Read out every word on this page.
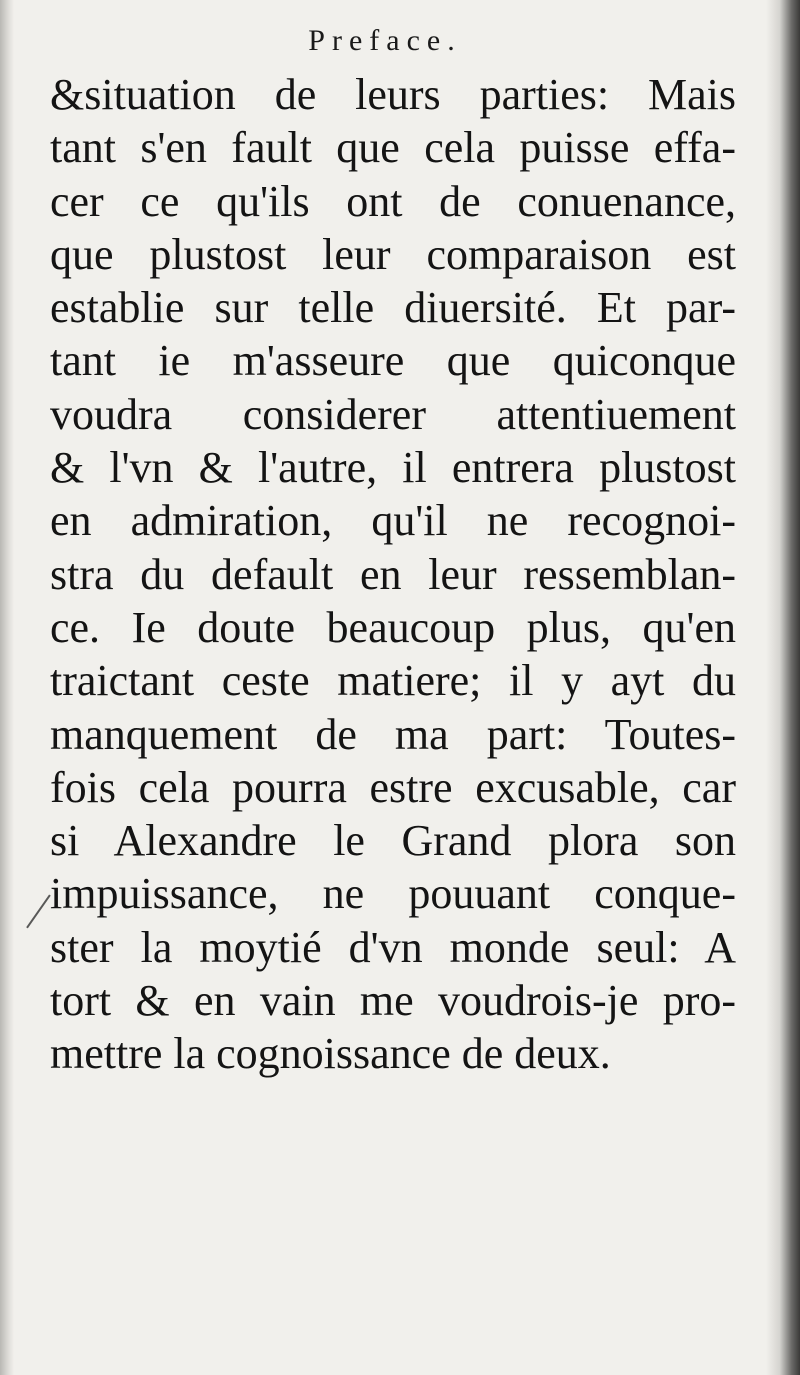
Preface.
&situation de leurs parties: Mais
tant s'en fault que cela puisse effa-
cer ce qu'ils ont de conuenance,
que plustost leur comparaison est
establie sur telle diuersité. Et par-
tant ie m'asseure que quiconque
voudra considerer attentiuement
& l'vn & l'autre, il entrera plustost
en admiration, qu'il ne recognoi-
stra du default en leur ressemblan-
ce. Ie doute beaucoup plus, qu'en
traictant ceste matiere; il y ayt du
manquement de ma part: Toutes-
fois cela pourra estre excusable, car
si Alexandre le Grand plora son
impuissance, ne pouuant conque-
ster la moytié d'vn monde seul: A
tort & en vain me voudrois-je pro-
mettre la cognoissance de deux.
